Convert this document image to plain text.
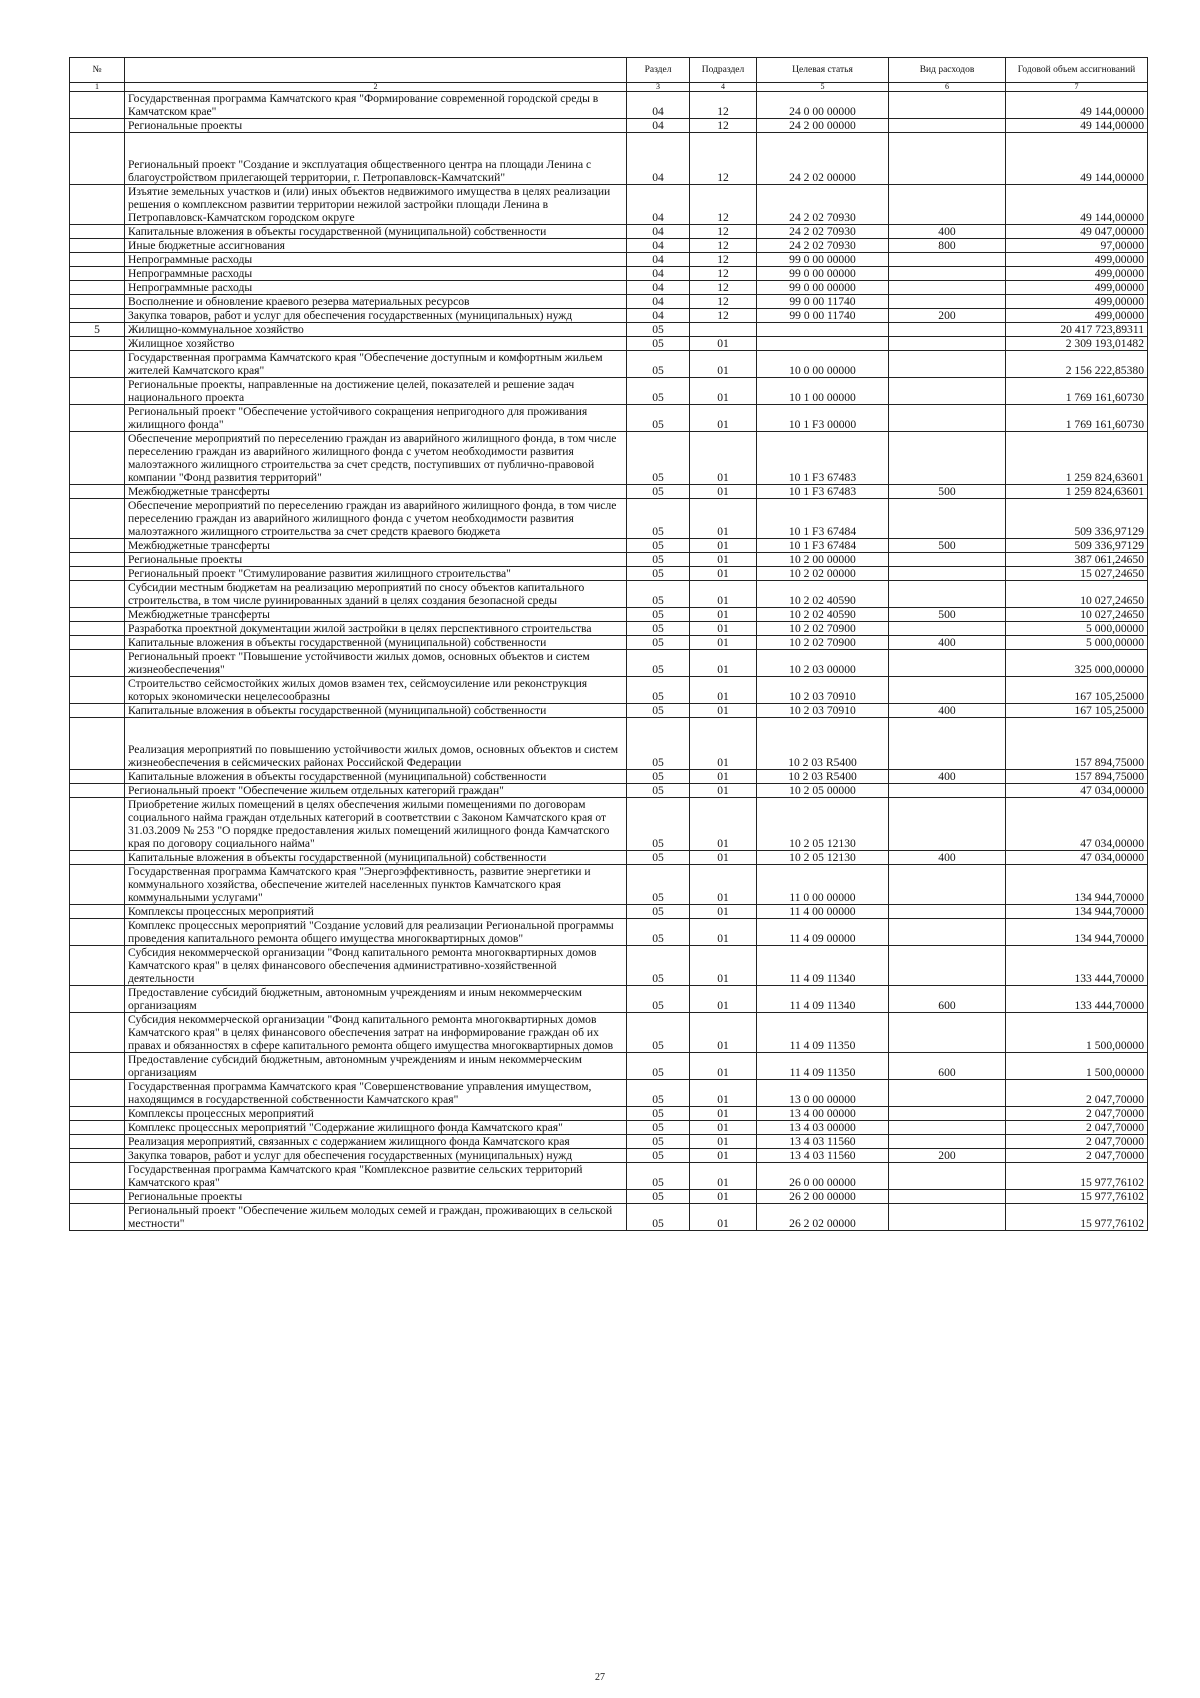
№		Раздел	Подраздел	Целевая статья	Вид расходов	Годовой объем ассигнований
1	2	3	4	5	6	7
	Государственная программа Камчатского края "Формирование современной городской среды в Камчатском крае"	04	12	24 0 00 00000		49 144,00000
	Региональные проекты	04	12	24 2 00 00000		49 144,00000
	Региональный проект "Создание и эксплуатация общественного центра на площади Ленина с благоустройством прилегающей территории, г. Петропавловск-Камчатский"	04	12	24 2 02 00000		49 144,00000
	Изъятие земельных участков и (или) иных объектов недвижимого имущества в целях реализации решения о комплексном развитии территории нежилой застройки площади Ленина в Петропавловск-Камчатском городском округе	04	12	24 2 02 70930		49 144,00000
	Капитальные вложения в объекты государственной (муниципальной) собственности	04	12	24 2 02 70930	400	49 047,00000
	Иные бюджетные ассигнования	04	12	24 2 02 70930	800	97,00000
	Непрограммные расходы	04	12	99 0 00 00000		499,00000
	Непрограммные расходы	04	12	99 0 00 00000		499,00000
	Непрограммные расходы	04	12	99 0 00 00000		499,00000
	Восполнение и обновление краевого резерва материальных ресурсов	04	12	99 0 00 11740		499,00000
	Закупка товаров, работ и услуг для обеспечения государственных (муниципальных) нужд	04	12	99 0 00 11740	200	499,00000
5	Жилищно-коммунальное хозяйство	05				20 417 723,89311
	Жилищное хозяйство	05	01			2 309 193,01482
	Государственная программа Камчатского края "Обеспечение доступным и комфортным жильем жителей Камчатского края"	05	01	10 0 00 00000		2 156 222,85380
	Региональные проекты, направленные на достижение целей, показателей и решение задач национального проекта	05	01	10 1 00 00000		1 769 161,60730
	Региональный проект "Обеспечение устойчивого сокращения непригодного для проживания жилищного фонда"	05	01	10 1 F3 00000		1 769 161,60730
	Обеспечение мероприятий по переселению граждан из аварийного жилищного фонда, в том числе переселению граждан из аварийного жилищного фонда с учетом необходимости развития малоэтажного жилищного строительства за счет средств, поступивших от публично-правовой компании "Фонд развития территорий"	05	01	10 1 F3 67483		1 259 824,63601
	Межбюджетные трансферты	05	01	10 1 F3 67483	500	1 259 824,63601
	Обеспечение мероприятий по переселению граждан из аварийного жилищного фонда, в том числе переселению граждан из аварийного жилищного фонда с учетом необходимости развития малоэтажного жилищного строительства за счет средств краевого бюджета	05	01	10 1 F3 67484		509 336,97129
	Межбюджетные трансферты	05	01	10 1 F3 67484	500	509 336,97129
	Региональные проекты	05	01	10 2 00 00000		387 061,24650
	Региональный проект "Стимулирование развития жилищного строительства"	05	01	10 2 02 00000		15 027,24650
	Субсидии местным бюджетам на реализацию мероприятий по сносу объектов капитального строительства, в том числе руинированных зданий в целях создания безопасной среды	05	01	10 2 02 40590		10 027,24650
	Межбюджетные трансферты	05	01	10 2 02 40590	500	10 027,24650
	Разработка проектной документации жилой застройки в целях перспективного строительства	05	01	10 2 02 70900		5 000,00000
	Капитальные вложения в объекты государственной (муниципальной) собственности	05	01	10 2 02 70900	400	5 000,00000
	Региональный проект "Повышение устойчивости жилых домов, основных объектов и систем жизнеобеспечения"	05	01	10 2 03 00000		325 000,00000
	Строительство сейсмостойких жилых домов взамен тех, сейсмоусиление или реконструкция которых экономически нецелесообразны	05	01	10 2 03 70910		167 105,25000
	Капитальные вложения в объекты государственной (муниципальной) собственности	05	01	10 2 03 70910	400	167 105,25000
	Реализация мероприятий по повышению устойчивости жилых домов, основных объектов и систем жизнеобеспечения в сейсмических районах Российской Федерации	05	01	10 2 03 R5400		157 894,75000
	Капитальные вложения в объекты государственной (муниципальной) собственности	05	01	10 2 03 R5400	400	157 894,75000
	Региональный проект "Обеспечение жильем отдельных категорий граждан"	05	01	10 2 05 00000		47 034,00000
	Приобретение жилых помещений в целях обеспечения жилыми помещениями по договорам социального найма граждан отдельных категорий в соответствии с Законом Камчатского края от 31.03.2009 № 253 "О порядке предоставления жилых помещений жилищного фонда Камчатского края по договору социального найма"	05	01	10 2 05 12130		47 034,00000
	Капитальные вложения в объекты государственной (муниципальной) собственности	05	01	10 2 05 12130	400	47 034,00000
	Государственная программа Камчатского края "Энергоэффективность, развитие энергетики и коммунального хозяйства, обеспечение жителей населенных пунктов Камчатского края коммунальными услугами"	05	01	11 0 00 00000		134 944,70000
	Комплексы процессных мероприятий	05	01	11 4 00 00000		134 944,70000
	Комплекс процессных мероприятий "Создание условий для реализации Региональной программы проведения капитального ремонта общего имущества многоквартирных домов"	05	01	11 4 09 00000		134 944,70000
	Субсидия некоммерческой организации "Фонд капитального ремонта многоквартирных домов Камчатского края" в целях финансового обеспечения административно-хозяйственной деятельности	05	01	11 4 09 11340		133 444,70000
	Предоставление субсидий бюджетным, автономным учреждениям и иным некоммерческим организациям	05	01	11 4 09 11340	600	133 444,70000
	Субсидия некоммерческой организации "Фонд капитального ремонта многоквартирных домов Камчатского края" в целях финансового обеспечения затрат на информирование граждан об их правах и обязанностях в сфере капитального ремонта общего имущества многоквартирных домов	05	01	11 4 09 11350		1 500,00000
	Предоставление субсидий бюджетным, автономным учреждениям и иным некоммерческим организациям	05	01	11 4 09 11350	600	1 500,00000
	Государственная программа Камчатского края "Совершенствование управления имуществом, находящимся в государственной собственности Камчатского края"	05	01	13 0 00 00000		2 047,70000
	Комплексы процессных мероприятий	05	01	13 4 00 00000		2 047,70000
	Комплекс процессных мероприятий "Содержание жилищного фонда Камчатского края"	05	01	13 4 03 00000		2 047,70000
	Реализация мероприятий, связанных с содержанием жилищного фонда Камчатского края	05	01	13 4 03 11560		2 047,70000
	Закупка товаров, работ и услуг для обеспечения государственных (муниципальных) нужд	05	01	13 4 03 11560	200	2 047,70000
	Государственная программа Камчатского края "Комплексное развитие сельских территорий Камчатского края"	05	01	26 0 00 00000		15 977,76102
	Региональные проекты	05	01	26 2 00 00000		15 977,76102
	Региональный проект "Обеспечение жильем молодых семей и граждан, проживающих в сельской местности"	05	01	26 2 02 00000		15 977,76102
27
